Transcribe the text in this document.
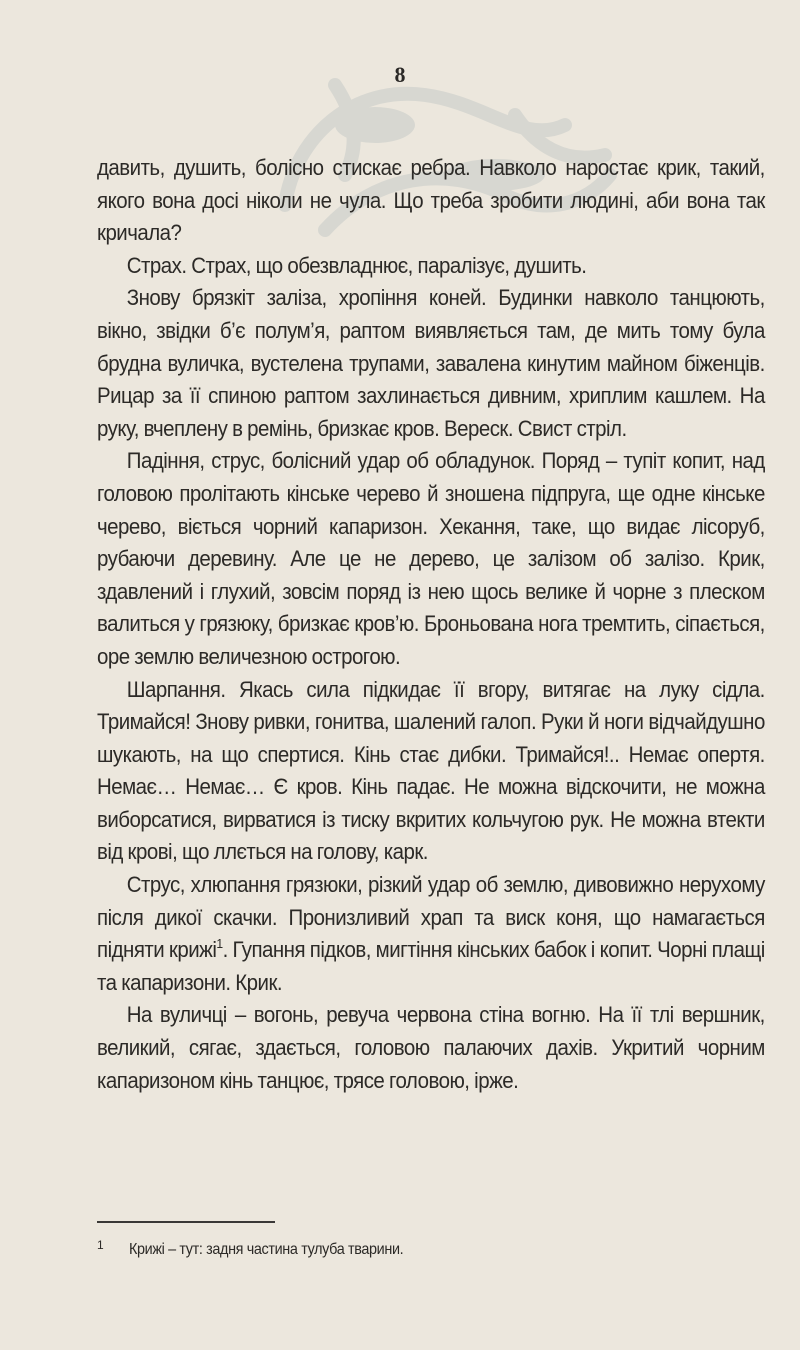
8

давить, душить, болісно стискає ребра. Навколо наростає крик, такий, якого вона досі ніколи не чула. Що треба зробити людині, аби вона так кричала?

Страх. Страх, що обезвладнює, паралізує, душить.

Знову брязкіт заліза, хропіння коней. Будинки навколо танцюють, вікно, звідки б’є полум’я, раптом виявляється там, де мить тому була брудна вуличка, вустелена трупами, завалена кинутим майном біженців. Рицар за її спиною раптом захлинається дивним, хриплим кашлем. На руку, вчеплену в ремінь, бризкає кров. Вереск. Свист стріл.

Падіння, струс, болісний удар об обладунок. Поряд – тупіт копит, над головою пролітають кінське черево й зношена підпруга, ще одне кінське черево, віється чорний капаризон. Хекання, таке, що видає лісоруб, рубаючи деревину. Але це не дерево, це залізом об залізо. Крик, здавлений і глухий, зовсім поряд із нею щось велике й чорне з плеском валиться у грязюку, бризкає кров’ю. Броньована нога тремтить, сіпається, оре землю величезною острогою.

Шарпання. Якась сила підкидає її вгору, витягає на луку сідла. Тримайся! Знову ривки, гонитва, шалений галоп. Руки й ноги відчайдушно шукають, на що спертися. Кінь стає дибки. Тримайся!.. Немає опертя. Немає… Немає… Є кров. Кінь падає. Не можна відскочити, не можна виборсатися, вирватися із тиску вкритих кольчугою рук. Не можна втекти від крові, що ллється на голову, карк.

Струс, хлюпання грязюки, різкий удар об землю, дивовижно нерухому після дикої скачки. Пронизливий храп та виск коня, що намагається підняти крижі$^1$. Гупання підков, мигтіння кінських бабок і копит. Чорні плащі та капаризони. Крик.

На вуличці – вогонь, ревуча червона стіна вогню. На її тлі вершник, великий, сягає, здається, головою палаючих дахів. Укритий чорним капаризоном кінь танцює, трясе головою, ірже.

1 Крижі – тут: задня частина тулуба тварини.
